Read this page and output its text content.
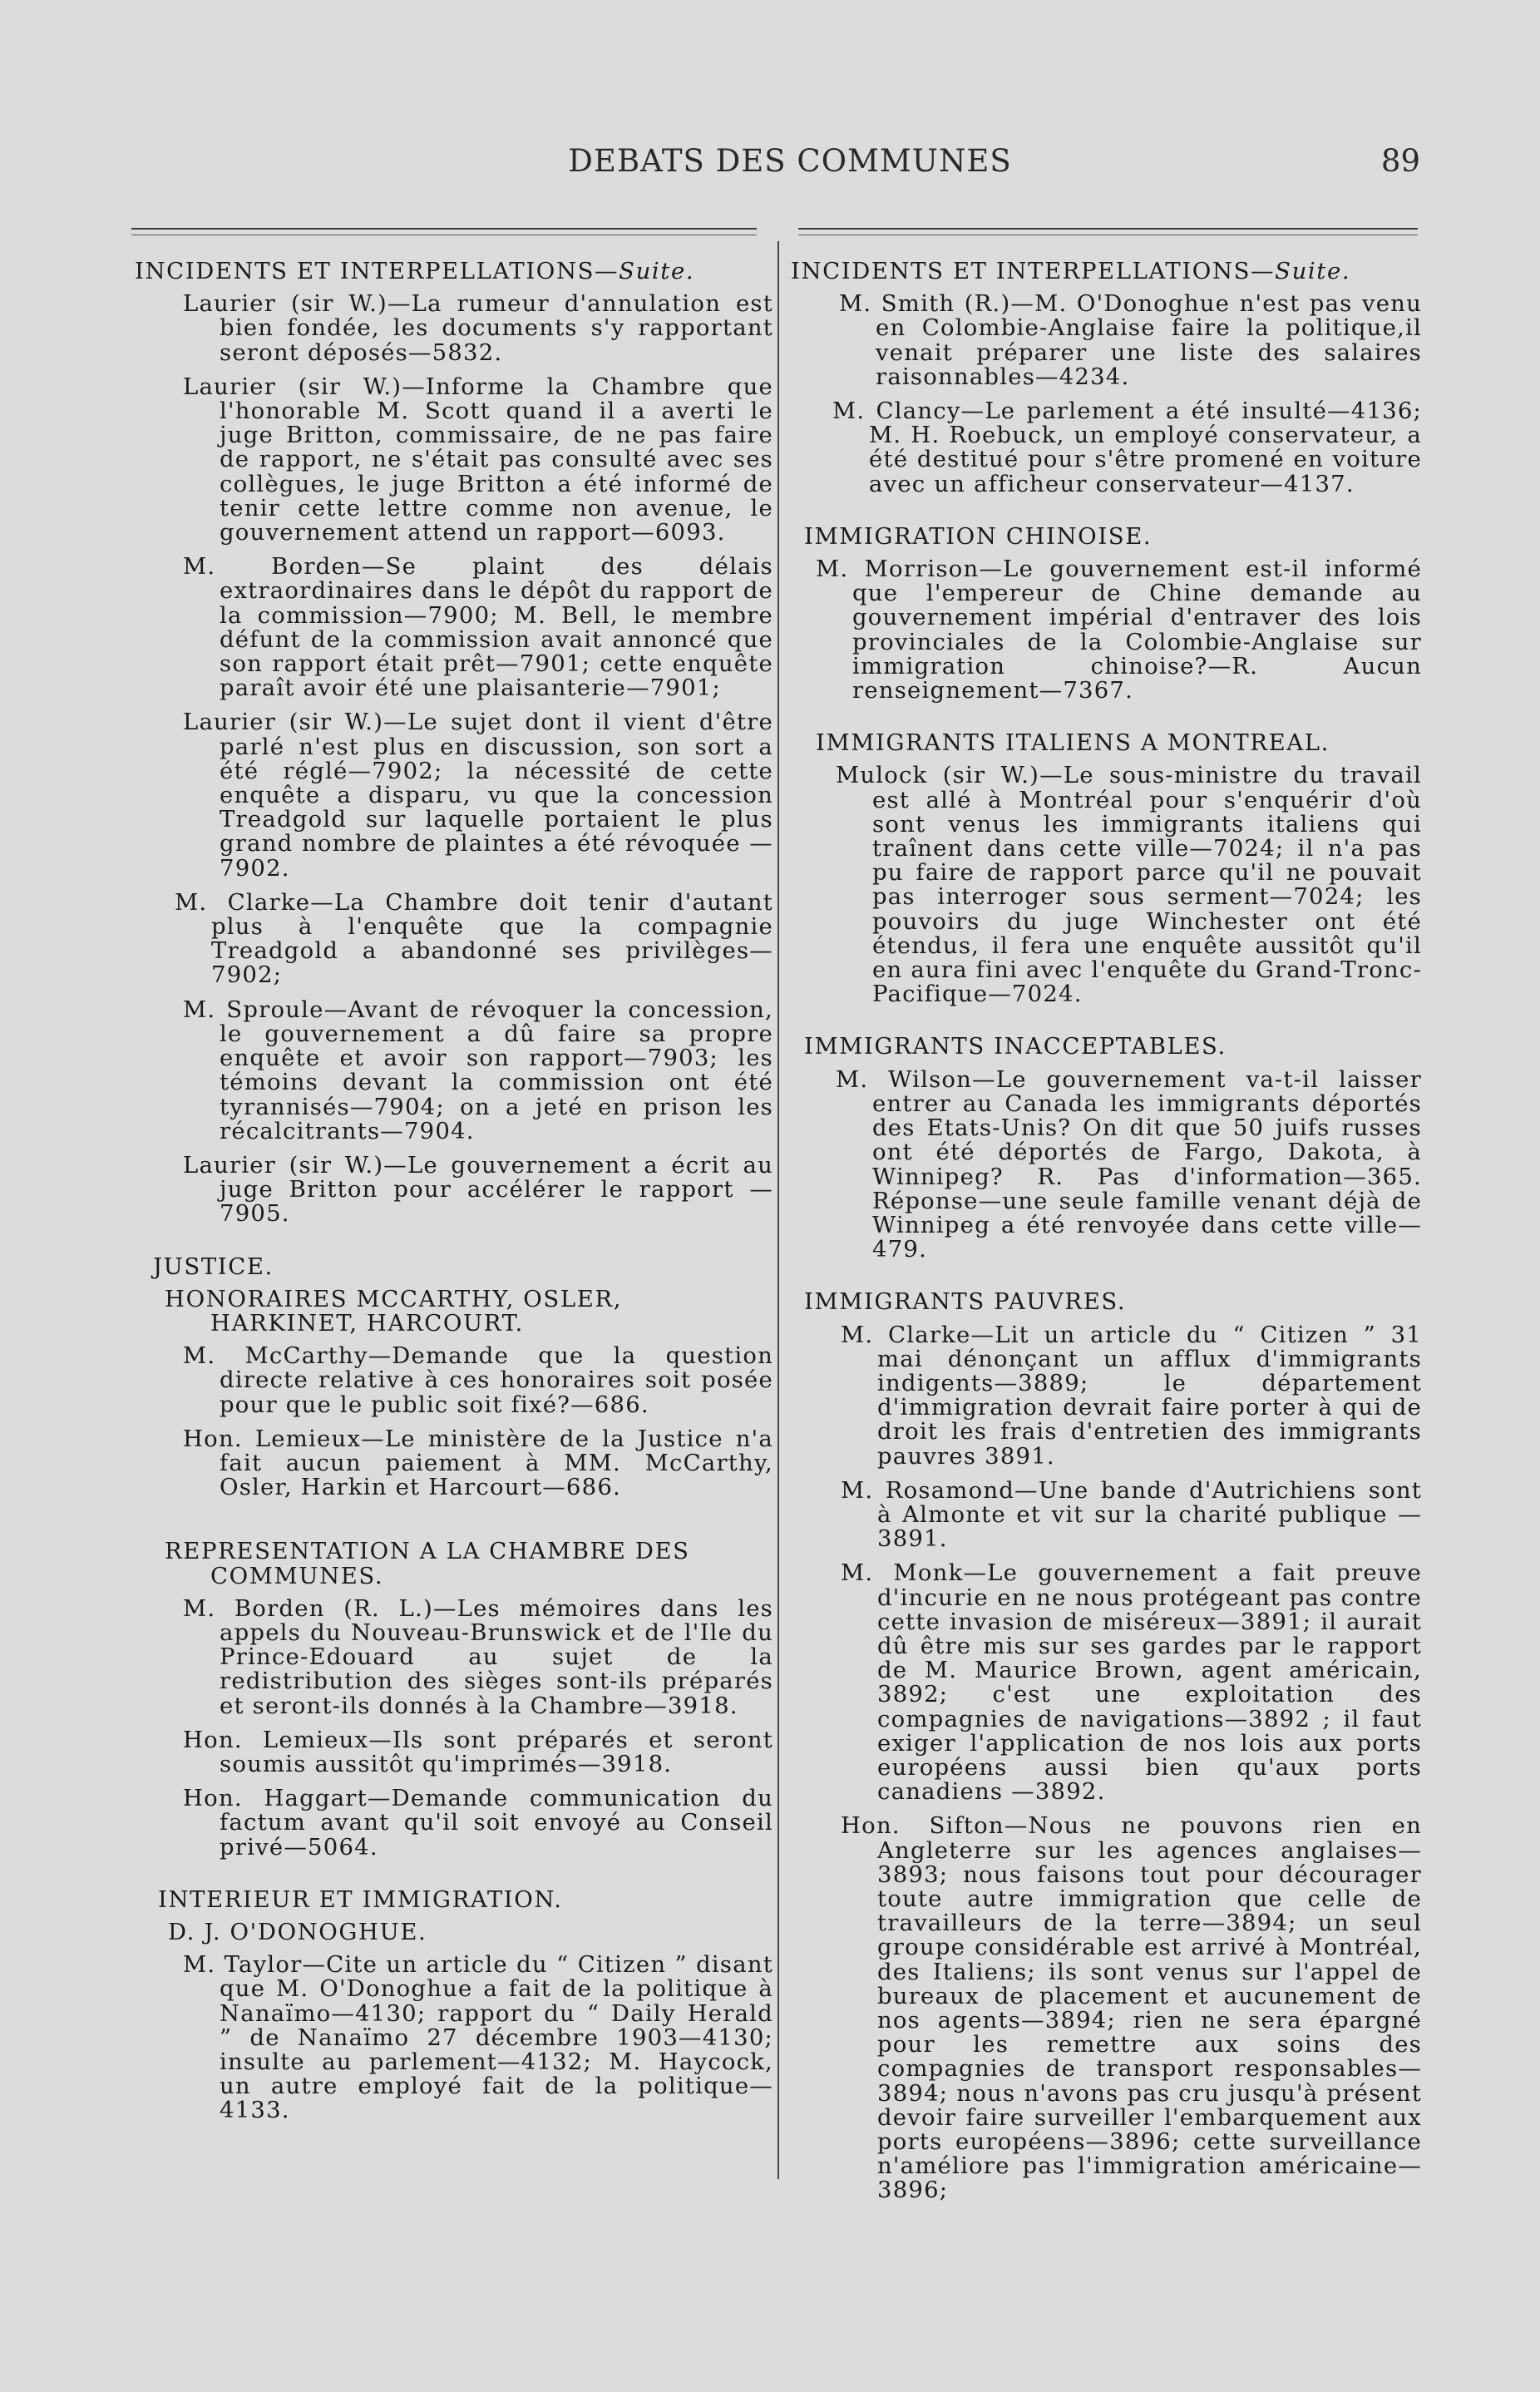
DEBATS DES COMMUNES	89
INCIDENTS ET INTERPELLATIONS—Suite.

Laurier (sir W.)—La rumeur d'annulation est bien fondée, les documents s'y rapportant seront déposés—5832.

Laurier (sir W.)—Informe la Chambre que l'honorable M. Scott quand il a averti le juge Britton, commissaire, de ne pas faire de rapport, ne s'était pas consulté avec ses collègues, le juge Britton a été informé de tenir cette lettre comme non avenue, le gouvernement attend un rapport—6093.

M. Borden—Se plaint des délais extraordinaires dans le dépôt du rapport de la commission—7900; M. Bell, le membre défunt de la commission avait annoncé que son rapport était prêt—7901; cette enquête paraît avoir été une plaisanterie—7901;

Laurier (sir W.)—Le sujet dont il vient d'être parlé n'est plus en discussion, son sort a été réglé—7902; la nécessité de cette enquête a disparu, vu que la concession Treadgold sur laquelle portaient le plus grand nombre de plaintes a été révoquée —7902.

M. Clarke—La Chambre doit tenir d'autant plus à l'enquête que la compagnie Treadgold a abandonné ses privilèges—7902;

M. Sproule—Avant de révoquer la concession, le gouvernement a dû faire sa propre enquête et avoir son rapport—7903; les témoins devant la commission ont été tyrannisés—7904; on a jeté en prison les récalcitrants—7904.

Laurier (sir W.)—Le gouvernement a écrit au juge Britton pour accélérer le rapport —7905.

JUSTICE.
HONORAIRES MCCARTHY, OSLER, HARKINET, HARCOURT.

M. McCarthy—Demande que la question directe relative à ces honoraires soit posée pour que le public soit fixé?—686.

Hon. Lemieux—Le ministère de la Justice n'a fait aucun paiement à MM. McCarthy, Osler, Harkin et Harcourt—686.

REPRESENTATION A LA CHAMBRE DES COMMUNES.

M. Borden (R. L.)—Les mémoires dans les appels du Nouveau-Brunswick et de l'Ile du Prince-Edouard au sujet de la redistribution des sièges sont-ils préparés et seront-ils donnés à la Chambre—3918.

Hon. Lemieux—Ils sont préparés et seront soumis aussitôt qu'imprimés—3918.

Hon. Haggart—Demande communication du factum avant qu'il soit envoyé au Conseil privé—5064.

INTERIEUR ET IMMIGRATION.
D. J. O'DONOGHUE.

M. Taylor—Cite un article du “ Citizen ” disant que M. O'Donoghue a fait de la politique à Nanaïmo—4130; rapport du “ Daily Herald ” de Nanaïmo 27 décembre 1903—4130; insulte au parlement—4132; M. Haycock, un autre employé fait de la politique—4133.

INCIDENTS ET INTERPELLATIONS—Suite.

M. Smith (R.)—M. O'Donoghue n'est pas venu en Colombie-Anglaise faire la politique,il venait préparer une liste des salaires raisonnables—4234.

M. Clancy—Le parlement a été insulté—4136; M. H. Roebuck, un employé conservateur, a été destitué pour s'être promené en voiture avec un afficheur conservateur—4137.

IMMIGRATION CHINOISE.

M. Morrison—Le gouvernement est-il informé que l'empereur de Chine demande au gouvernement impérial d'entraver des lois provinciales de la Colombie-Anglaise sur immigration chinoise?—R. Aucun renseignement—7367.

IMMIGRANTS ITALIENS A MONTREAL.

Mulock (sir W.)—Le sous-ministre du travail est allé à Montréal pour s'enquérir d'où sont venus les immigrants italiens qui traînent dans cette ville—7024; il n'a pas pu faire de rapport parce qu'il ne pouvait pas interroger sous serment—7024; les pouvoirs du juge Winchester ont été étendus, il fera une enquête aussitôt qu'il en aura fini avec l'enquête du Grand-Tronc-Pacifique—7024.

IMMIGRANTS INACCEPTABLES.

M. Wilson—Le gouvernement va-t-il laisser entrer au Canada les immigrants déportés des Etats-Unis? On dit que 50 juifs russes ont été déportés de Fargo, Dakota, à Winnipeg? R. Pas d'information—365. Réponse—une seule famille venant déjà de Winnipeg a été renvoyée dans cette ville—479.

IMMIGRANTS PAUVRES.

M. Clarke—Lit un article du “ Citizen ” 31 mai dénonçant un afflux d'immigrants indigents—3889; le département d'immigration devrait faire porter à qui de droit les frais d'entretien des immigrants pauvres 3891.

M. Rosamond—Une bande d'Autrichiens sont à Almonte et vit sur la charité publique —3891.

M. Monk—Le gouvernement a fait preuve d'incurie en ne nous protégeant pas contre cette invasion de miséreux—3891; il aurait dû être mis sur ses gardes par le rapport de M. Maurice Brown, agent américain, 3892; c'est une exploitation des compagnies de navigations—3892 ; il faut exiger l'application de nos lois aux ports européens aussi bien qu'aux ports canadiens —3892.

Hon. Sifton—Nous ne pouvons rien en Angleterre sur les agences anglaises—3893; nous faisons tout pour décourager toute autre immigration que celle de travailleurs de la terre—3894; un seul groupe considérable est arrivé à Montréal, des Italiens; ils sont venus sur l'appel de bureaux de placement et aucunement de nos agents—3894; rien ne sera épargné pour les remettre aux soins des compagnies de transport responsables—3894; nous n'avons pas cru jusqu'à présent devoir faire surveiller l'embarquement aux ports européens—3896; cette surveillance n'améliore pas l'immigration américaine—3896;
